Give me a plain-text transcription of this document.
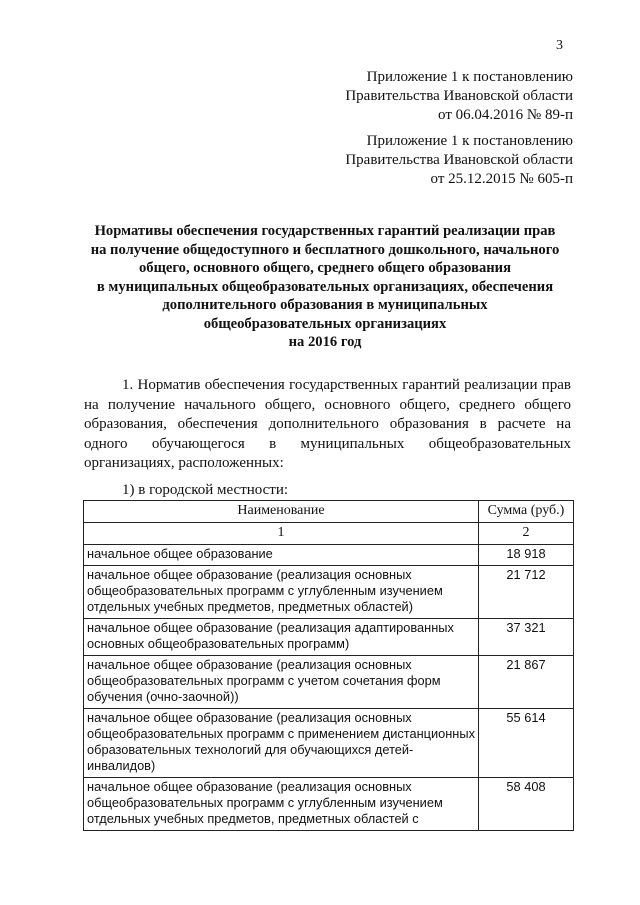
3
Приложение 1 к постановлению
Правительства Ивановской области
от 06.04.2016 № 89-п
Приложение 1 к постановлению
Правительства Ивановской области
от 25.12.2015 № 605-п
Нормативы обеспечения государственных гарантий реализации прав
на получение общедоступного и бесплатного дошкольного, начального
общего, основного общего, среднего общего образования
в муниципальных общеобразовательных организациях, обеспечения
дополнительного образования в муниципальных
общеобразовательных организациях
на 2016 год
1. Норматив обеспечения государственных гарантий реализации прав на получение начального общего, основного общего, среднего общего образования, обеспечения дополнительного образования в расчете на одного обучающегося в муниципальных общеобразовательных организациях, расположенных:
1) в городской местности:
Наименование	Сумма (руб.)
1	2
начальное общее образование	18 918
начальное общее образование (реализация основных общеобразовательных программ с углубленным изучением отдельных учебных предметов, предметных областей)	21 712
начальное общее образование (реализация адаптированных основных общеобразовательных программ)	37 321
начальное общее образование (реализация основных общеобразовательных программ с учетом сочетания форм обучения (очно-заочной))	21 867
начальное общее образование (реализация основных общеобразовательных программ с применением дистанционных образовательных технологий для обучающихся детей-инвалидов)	55 614
начальное общее образование (реализация основных общеобразовательных программ с углубленным изучением отдельных учебных предметов, предметных областей с	58 408
